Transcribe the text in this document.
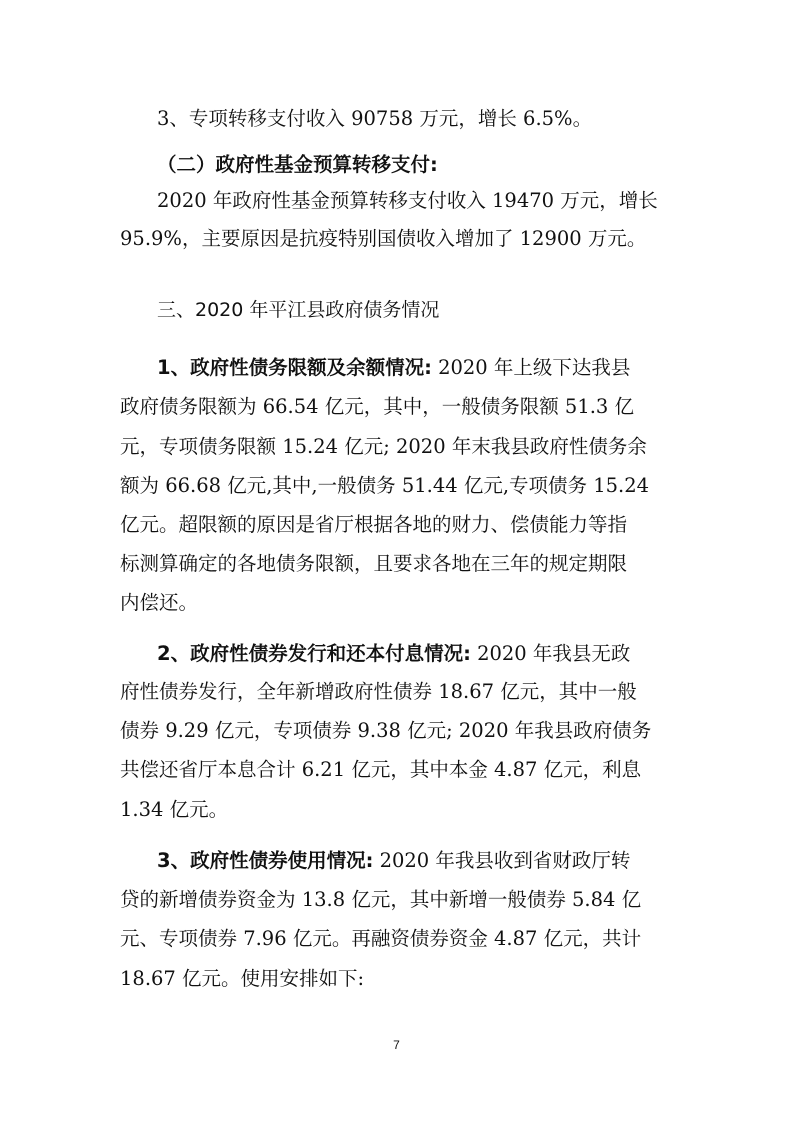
3、专项转移支付收入 90758 万元，增长 6.5%。
（二）政府性基金预算转移支付:
2020 年政府性基金预算转移支付收入 19470 万元，增长
95.9%，主要原因是抗疫特别国债收入增加了 12900 万元。
三、2020 年平江县政府债务情况
1、政府性债务限额及余额情况: 2020 年上级下达我县
政府债务限额为 66.54 亿元，其中，一般债务限额 51.3 亿
元，专项债务限额 15.24 亿元; 2020 年末我县政府性债务余
额为 66.68 亿元,其中,一般债务 51.44 亿元,专项债务 15.24
亿元。超限额的原因是省厅根据各地的财力、偿债能力等指
标测算确定的各地债务限额，且要求各地在三年的规定期限
内偿还。
2、政府性债券发行和还本付息情况: 2020 年我县无政
府性债券发行，全年新增政府性债券 18.67 亿元，其中一般
债券 9.29 亿元，专项债券 9.38 亿元; 2020 年我县政府债务
共偿还省厅本息合计 6.21 亿元，其中本金 4.87 亿元，利息
1.34 亿元。
3、政府性债券使用情况: 2020 年我县收到省财政厅转
贷的新增债券资金为 13.8 亿元，其中新增一般债券 5.84 亿
元、专项债券 7.96 亿元。再融资债券资金 4.87 亿元，共计
18.67 亿元。使用安排如下:
7
